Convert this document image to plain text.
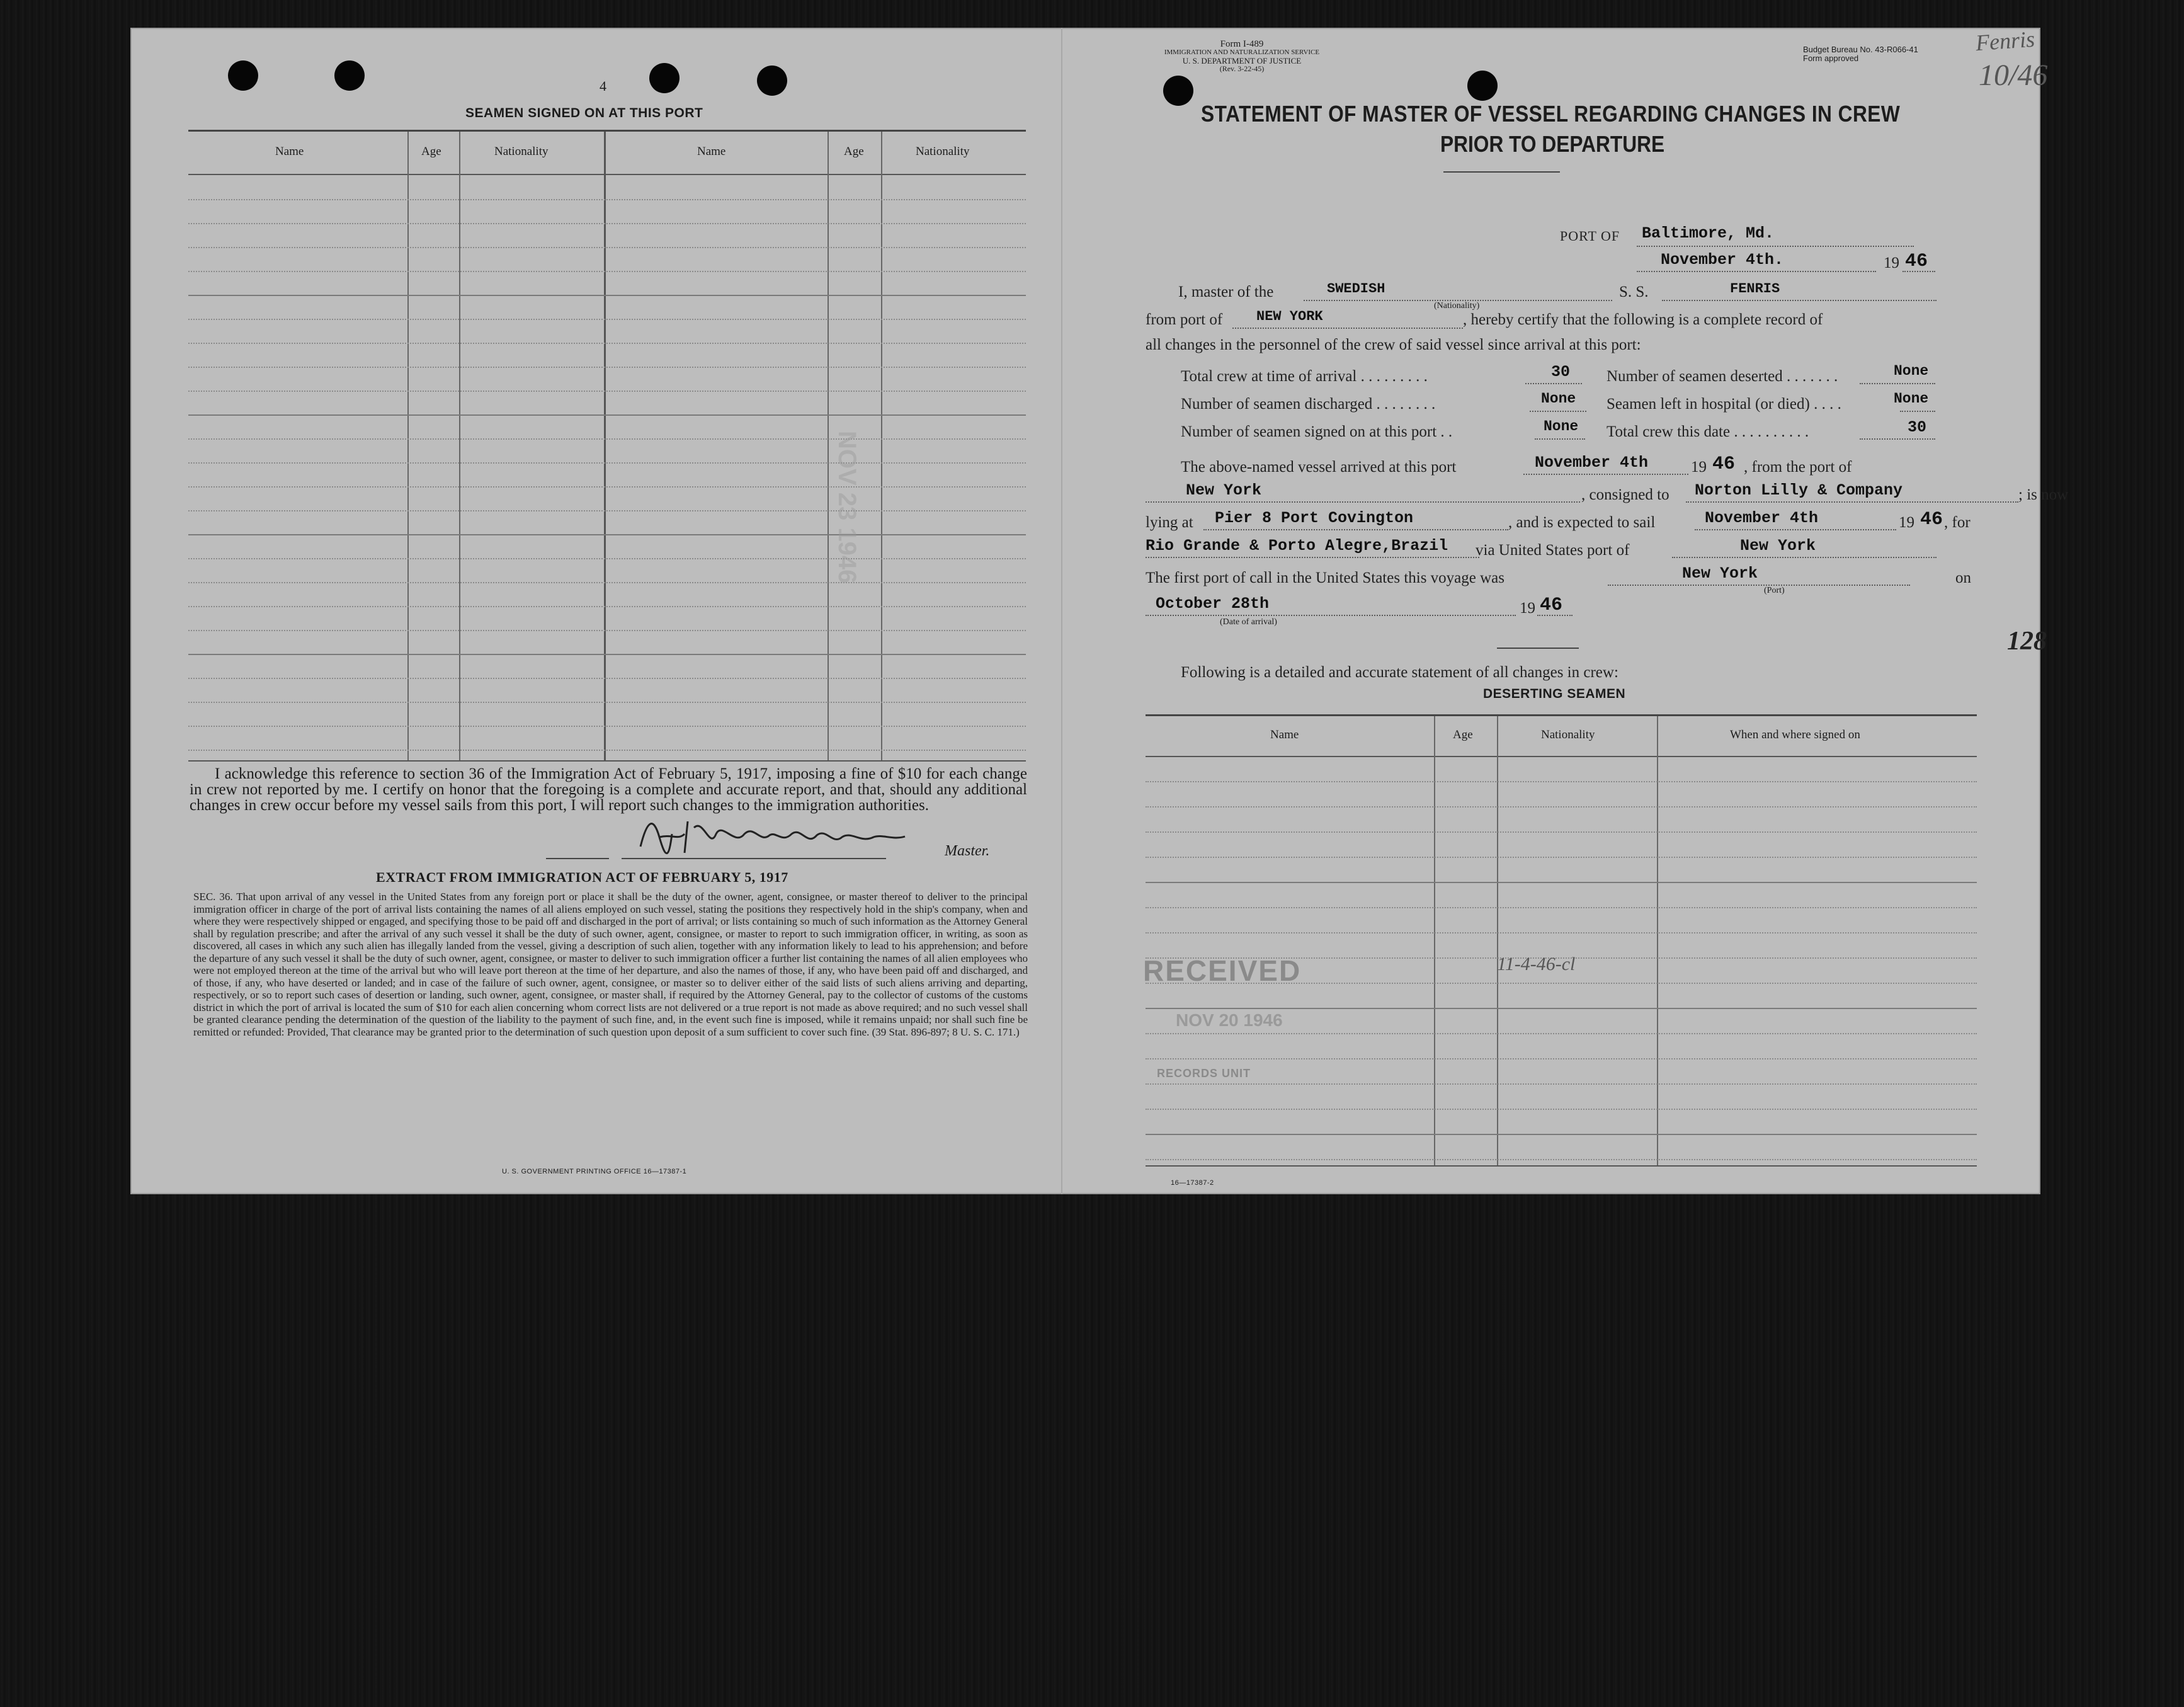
4
SEAMEN SIGNED ON AT THIS PORT
Name	Age	Nationality	Name	Age	Nationality
NOV 23 1946
I acknowledge this reference to section 36 of the Immigration Act of February 5, 1917, imposing a fine of $10 for each change in crew not reported by me. I certify on honor that the foregoing is a complete and accurate report, and that, should any additional changes in crew occur before my vessel sails from this port, I will report such changes to the immigration authorities.
Master.
EXTRACT FROM IMMIGRATION ACT OF FEBRUARY 5, 1917
SEC. 36. That upon arrival of any vessel in the United States from any foreign port or place it shall be the duty of the owner, agent, consignee, or master thereof to deliver to the principal immigration officer in charge of the port of arrival lists containing the names of all aliens employed on such vessel, stating the positions they respectively hold in the ship's company, when and where they were respectively shipped or engaged, and specifying those to be paid off and discharged in the port of arrival; or lists containing so much of such information as the Attorney General shall by regulation prescribe; and after the arrival of any such vessel it shall be the duty of such owner, agent, consignee, or master to report to such immigration officer, in writing, as soon as discovered, all cases in which any such alien has illegally landed from the vessel, giving a description of such alien, together with any information likely to lead to his apprehension; and before the departure of any such vessel it shall be the duty of such owner, agent, consignee, or master to deliver to such immigration officer a further list containing the names of all alien employees who were not employed thereon at the time of the arrival but who will leave port thereon at the time of her departure, and also the names of those, if any, who have been paid off and discharged, and of those, if any, who have deserted or landed; and in case of the failure of such owner, agent, consignee, or master so to deliver either of the said lists of such aliens arriving and departing, respectively, or so to report such cases of desertion or landing, such owner, agent, consignee, or master shall, if required by the Attorney General, pay to the collector of customs of the customs district in which the port of arrival is located the sum of $10 for each alien concerning whom correct lists are not delivered or a true report is not made as above required; and no such vessel shall be granted clearance pending the determination of the question of the liability to the payment of such fine, and, in the event such fine is imposed, while it remains unpaid; nor shall such fine be remitted or refunded: Provided, That clearance may be granted prior to the determination of such question upon deposit of a sum sufficient to cover such fine. (39 Stat. 896-897; 8 U. S. C. 171.)
U. S. GOVERNMENT PRINTING OFFICE 16—17387-1
Form I-489
IMMIGRATION AND NATURALIZATION SERVICE
U. S. DEPARTMENT OF JUSTICE
(Rev. 3-22-45)
Budget Bureau No. 43-R066-41
Form approved
Fenris
10/46
STATEMENT OF MASTER OF VESSEL REGARDING CHANGES IN CREW
PRIOR TO DEPARTURE
PORT OF Baltimore, Md.
November 4th.	19 46
I, master of the	SWEDISH
(Nationality)
S. S.	FENRIS
from port of NEW YORK	, hereby certify that the following is a complete record of
all changes in the personnel of the crew of said vessel since arrival at this port:
Total crew at time of arrival . . . . . . . . .	30 Number of seamen deserted . . . . . . .	None
Number of seamen discharged . . . . . . . .	None Seamen left in hospital (or died) . . . .	None
Number of seamen signed on at this port . .	None Total crew this date . . . . . . . . . .	30
The above-named vessel arrived at this port	November 4th	19 46 , from the port of
New York	, consigned to Norton Lilly & Company	; is now
lying at Pier 8 Port Covington	, and is expected to sail	November 4th	19 46 , for
Rio Grande & Porto Alegre,Brazil via United States port of	New York
The first port of call in the United States this voyage was	New York
(Port)
on
October 28th	19 46
(Date of arrival)
128
Following is a detailed and accurate statement of all changes in crew:
DESERTING SEAMEN
Name	Age	Nationality	When and where signed on
RECEIVED
NOV 20 1946
RECORDS UNIT
11-4-46-cl
16—17387-2
